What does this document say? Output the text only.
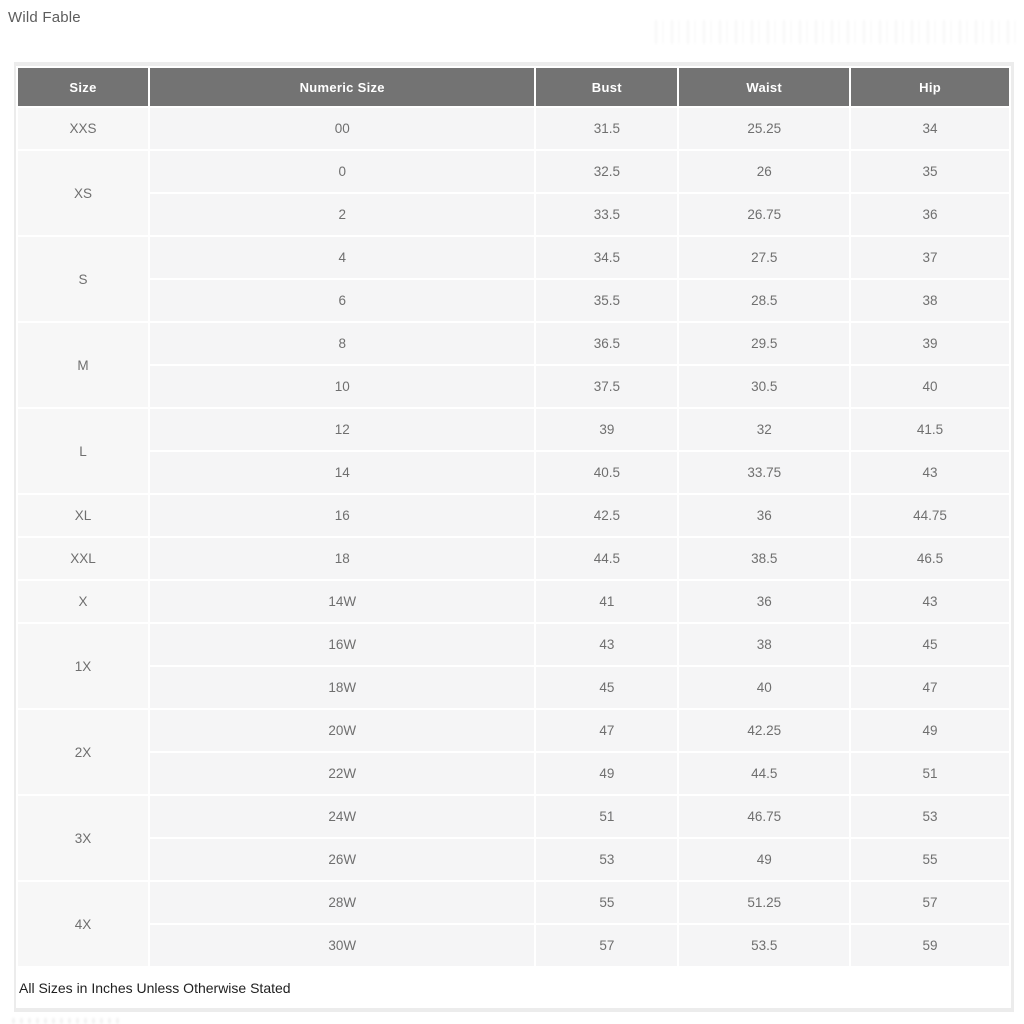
Wild Fable
Size	Numeric Size	Bust	Waist	Hip
XXS	00	31.5	25.25	34
XS	0	32.5	26	35
	2	33.5	26.75	36
S	4	34.5	27.5	37
	6	35.5	28.5	38
M	8	36.5	29.5	39
	10	37.5	30.5	40
L	12	39	32	41.5
	14	40.5	33.75	43
XL	16	42.5	36	44.75
XXL	18	44.5	38.5	46.5
X	14W	41	36	43
1X	16W	43	38	45
	18W	45	40	47
2X	20W	47	42.25	49
	22W	49	44.5	51
3X	24W	51	46.75	53
	26W	53	49	55
4X	28W	55	51.25	57
	30W	57	53.5	59
All Sizes in Inches Unless Otherwise Stated
